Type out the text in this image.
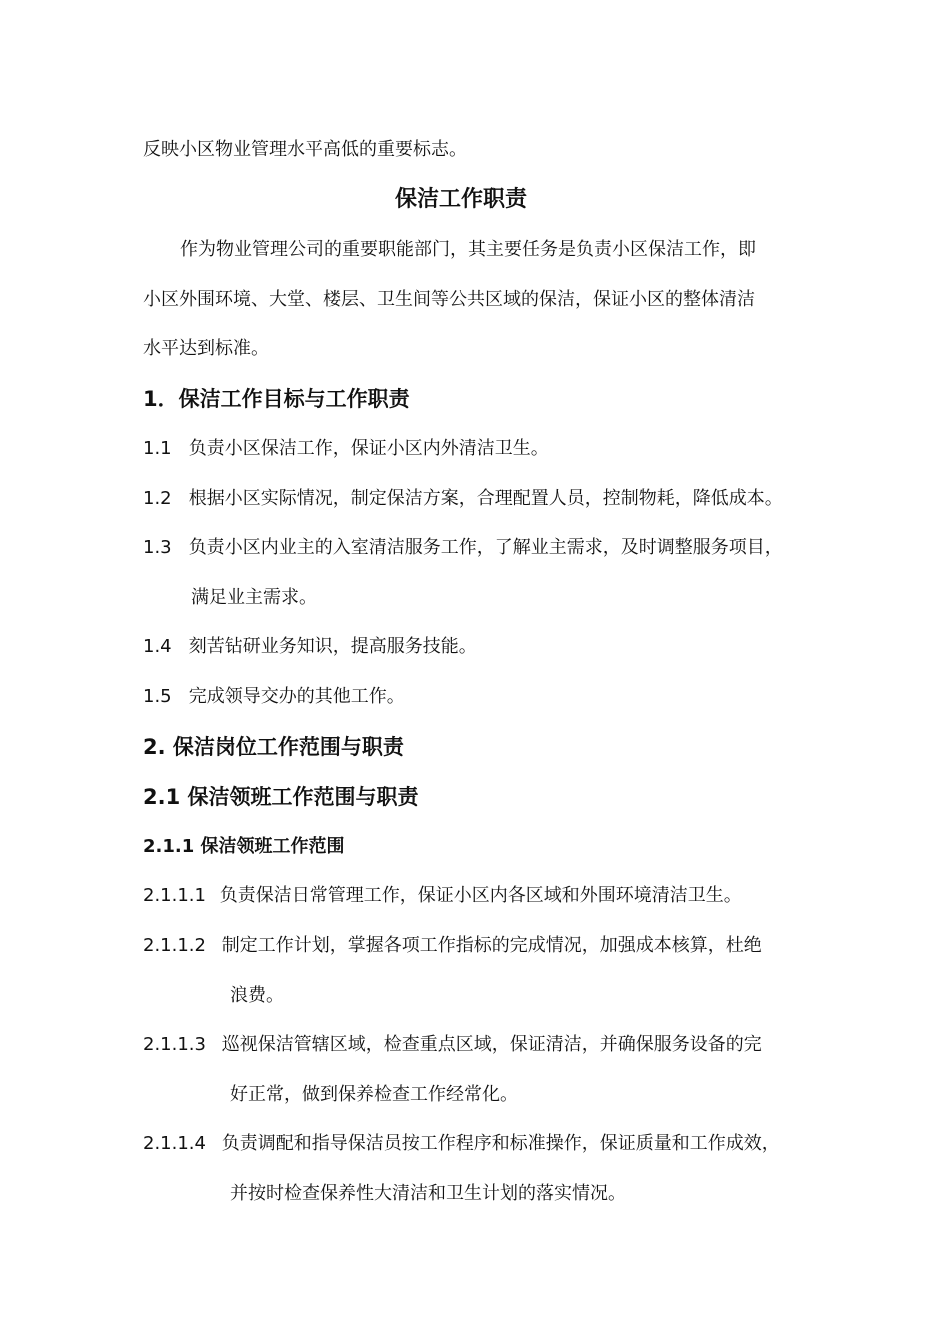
反映小区物业管理水平高低的重要标志。
保洁工作职责
作为物业管理公司的重要职能部门，其主要任务是负责小区保洁工作，即
小区外围环境、大堂、楼层、卫生间等公共区域的保洁，保证小区的整体清洁
水平达到标准。
1．保洁工作目标与工作职责
1.1 负责小区保洁工作，保证小区内外清洁卫生。
1.2 根据小区实际情况，制定保洁方案，合理配置人员，控制物耗，降低成本。
1.3 负责小区内业主的入室清洁服务工作，了解业主需求，及时调整服务项目，
满足业主需求。
1.4 刻苦钻研业务知识，提高服务技能。
1.5 完成领导交办的其他工作。
2. 保洁岗位工作范围与职责
2.1 保洁领班工作范围与职责
2.1.1 保洁领班工作范围
2.1.1.1 负责保洁日常管理工作，保证小区内各区域和外围环境清洁卫生。
2.1.1.2 制定工作计划，掌握各项工作指标的完成情况，加强成本核算，杜绝
浪费。
2.1.1.3 巡视保洁管辖区域，检查重点区域，保证清洁，并确保服务设备的完
好正常，做到保养检查工作经常化。
2.1.1.4 负责调配和指导保洁员按工作程序和标准操作，保证质量和工作成效，
并按时检查保养性大清洁和卫生计划的落实情况。
